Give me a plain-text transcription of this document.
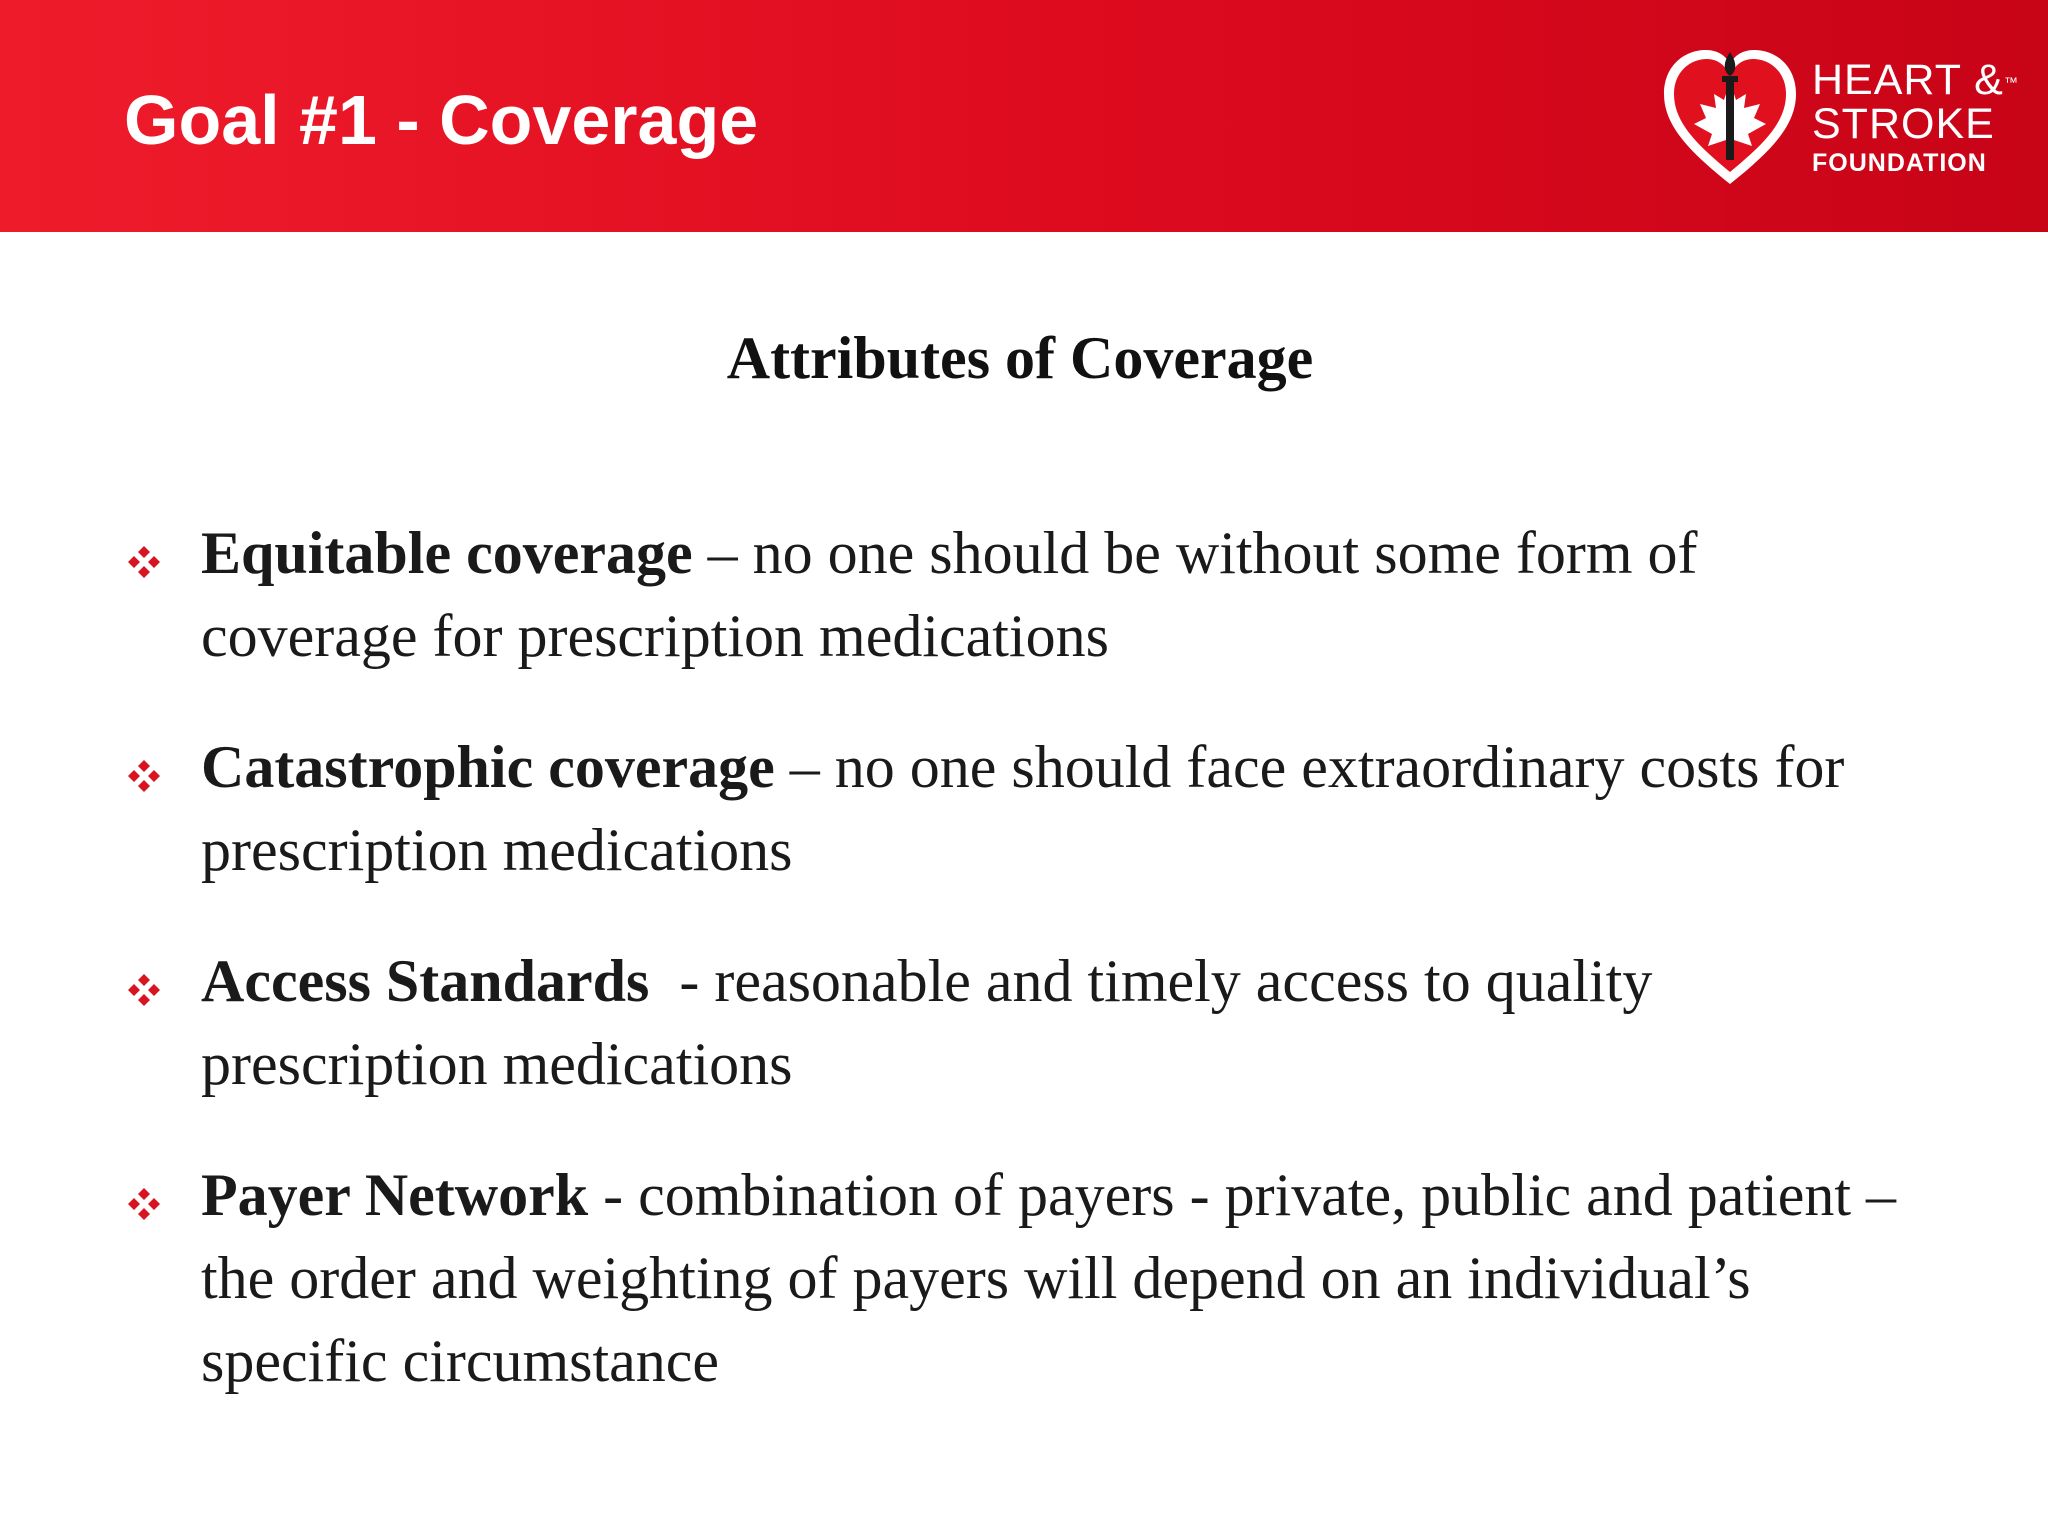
Goal #1 - Coverage
HEART &™
STROKE
FOUNDATION
Attributes of Coverage
Equitable coverage – no one should be without some form of coverage for prescription medications
Catastrophic coverage – no one should face extraordinary costs for prescription medications
Access Standards  - reasonable and timely access to quality prescription medications
Payer Network - combination of payers - private, public and patient – the order and weighting of payers will depend on an individual’s specific circumstance
